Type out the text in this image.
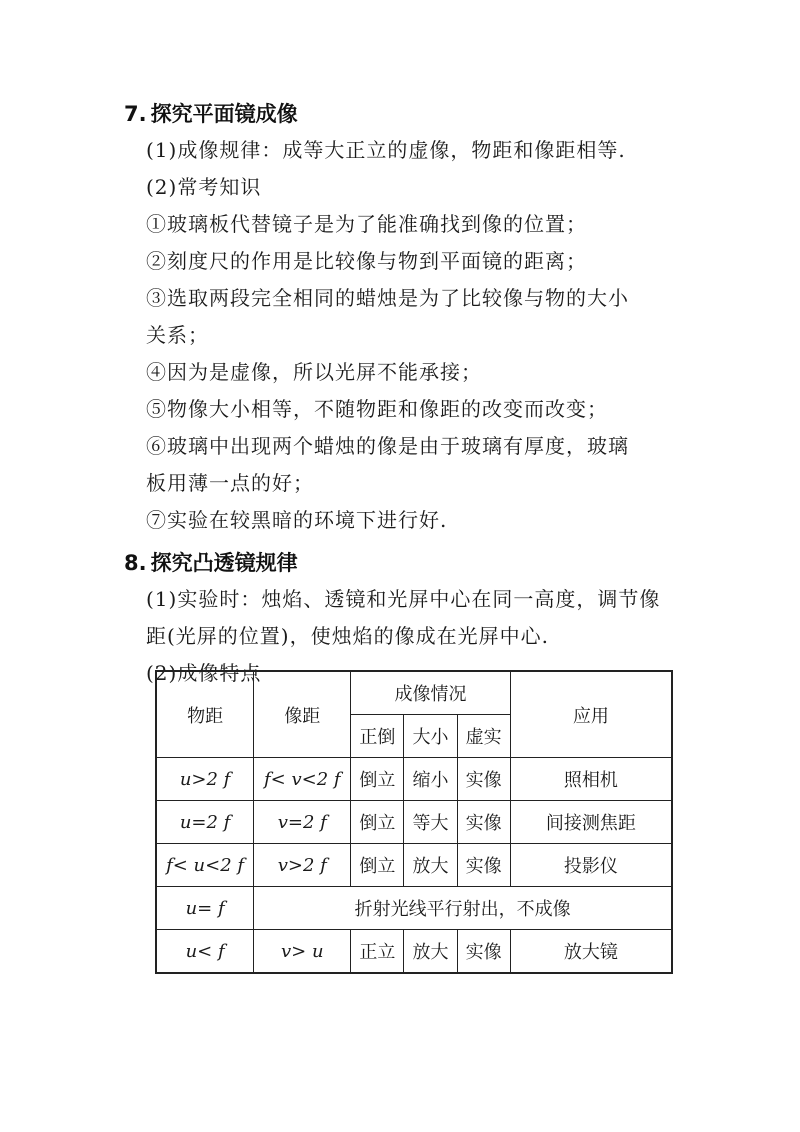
7. 探究平面镜成像

(1)成像规律：成等大正立的虚像，物距和像距相等.

(2)常考知识

①玻璃板代替镜子是为了能准确找到像的位置；

②刻度尺的作用是比较像与物到平面镜的距离；

③选取两段完全相同的蜡烛是为了比较像与物的大小

关系；

④因为是虚像，所以光屏不能承接；

⑤物像大小相等，不随物距和像距的改变而改变；

⑥玻璃中出现两个蜡烛的像是由于玻璃有厚度，玻璃

板用薄一点的好；

⑦实验在较黑暗的环境下进行好.

8. 探究凸透镜规律

(1)实验时：烛焰、透镜和光屏中心在同一高度，调节像

距(光屏的位置)，使烛焰的像成在光屏中心.

(2)成像特点

物距	像距	成像情况			应用
		正倒	大小	虚实	
u>2 f	f< v<2 f	倒立	缩小	实像	照相机
u=2 f	v=2 f	倒立	等大	实像	间接测焦距
f< u<2 f	v>2 f	倒立	放大	实像	投影仪
u= f	折射光线平行射出，不成像				
u< f	v> u	正立	放大	实像	放大镜
